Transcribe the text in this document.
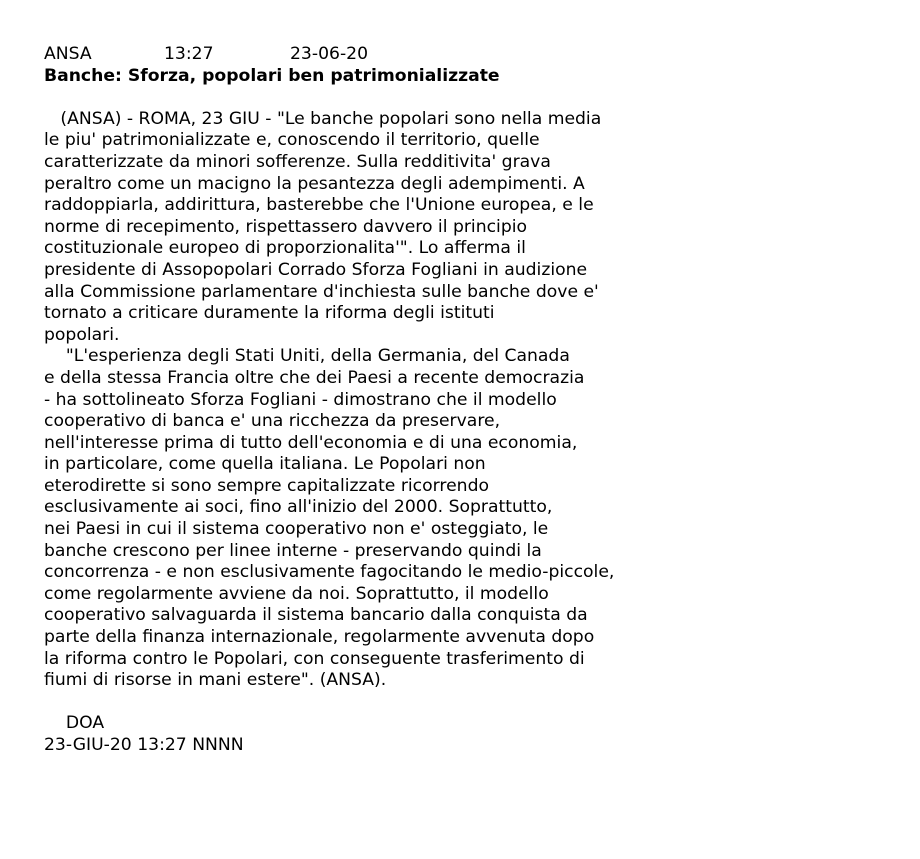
ANSA

	13:27

	23-06-20

Banche: Sforza, popolari ben patrimonializzate
(ANSA) - ROMA, 23 GIU - "Le banche popolari sono nella media
le piu' patrimonializzate e, conoscendo il territorio, quelle
caratterizzate da minori sofferenze. Sulla redditivita' grava
peraltro come un macigno la pesantezza degli adempimenti. A
raddoppiarla, addirittura, basterebbe che l'Unione europea, e le
norme di recepimento, rispettassero davvero il principio
costituzionale europeo di proporzionalita'". Lo afferma il
presidente di Assopopolari Corrado Sforza Fogliani in audizione
alla Commissione parlamentare d'inchiesta sulle banche dove e'
tornato a criticare duramente la riforma degli istituti
popolari.
"L'esperienza degli Stati Uniti, della Germania, del Canada
e della stessa Francia oltre che dei Paesi a recente democrazia
- ha sottolineato Sforza Fogliani - dimostrano che il modello
cooperativo di banca e' una ricchezza da preservare,
nell'interesse prima di tutto dell'economia e di una economia,
in particolare, come quella italiana. Le Popolari non
eterodirette si sono sempre capitalizzate ricorrendo
esclusivamente ai soci, fino all'inizio del 2000. Soprattutto,
nei Paesi in cui il sistema cooperativo non e' osteggiato, le
banche crescono per linee interne - preservando quindi la
concorrenza - e non esclusivamente fagocitando le medio-piccole,
come regolarmente avviene da noi. Soprattutto, il modello
cooperativo salvaguarda il sistema bancario dalla conquista da
parte della finanza internazionale, regolarmente avvenuta dopo
la riforma contro le Popolari, con conseguente trasferimento di
fiumi di risorse in mani estere". (ANSA).
DOA
23-GIU-20 13:27 NNNN
